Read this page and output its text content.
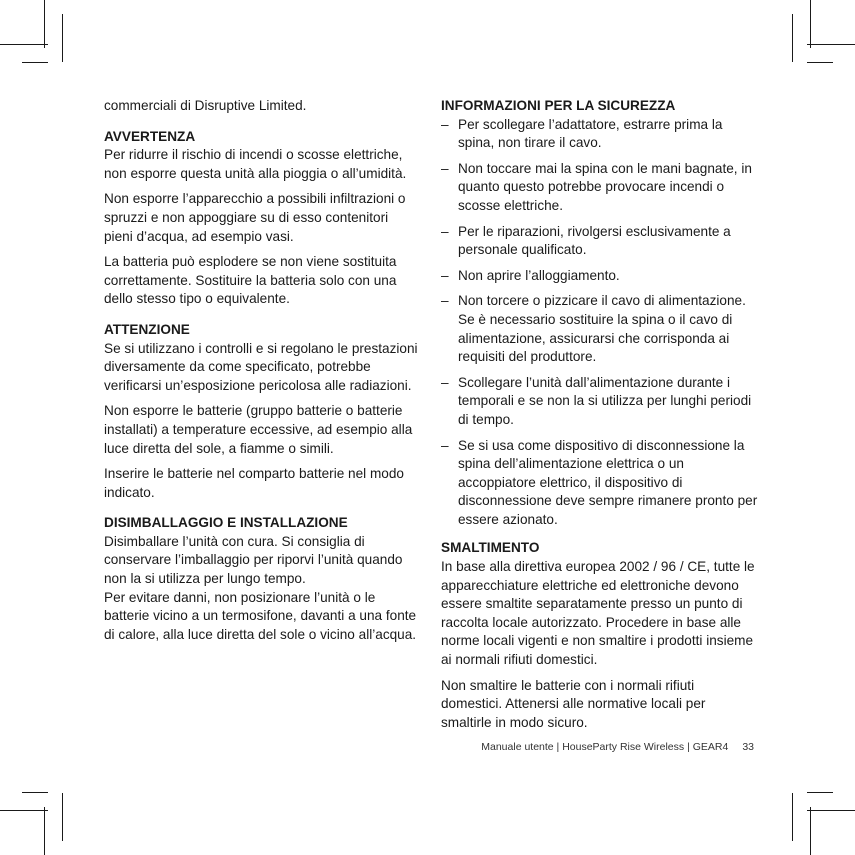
commerciali di Disruptive Limited.

AVVERTENZA

Per ridurre il rischio di incendi o scosse elettriche, non esporre questa unità alla pioggia o all’umidità.

Non esporre l’apparecchio a possibili infiltrazioni o spruzzi e non appoggiare su di esso contenitori pieni d’acqua, ad esempio vasi.

La batteria può esplodere se non viene sostituita correttamente. Sostituire la batteria solo con una dello stesso tipo o equivalente.

ATTENZIONE

Se si utilizzano i controlli e si regolano le prestazioni diversamente da come specificato, potrebbe verificarsi un’esposizione pericolosa alle radiazioni.

Non esporre le batterie (gruppo batterie o batterie installati) a temperature eccessive, ad esempio alla luce diretta del sole, a fiamme o simili.

Inserire le batterie nel comparto batterie nel modo indicato.

DISIMBALLAGGIO E INSTALLAZIONE

Disimballare l’unità con cura. Si consiglia di conservare l’imballaggio per riporvi l’unità quando non la si utilizza per lungo tempo.

Per evitare danni, non posizionare l’unità o le batterie vicino a un termosifone, davanti a una fonte di calore, alla luce diretta del sole o vicino all’acqua.

INFORMAZIONI PER LA SICUREZZA
– Per scollegare l’adattatore, estrarre prima la spina, non tirare il cavo.
– Non toccare mai la spina con le mani bagnate, in quanto questo potrebbe provocare incendi o scosse elettriche.
– Per le riparazioni, rivolgersi esclusivamente a personale qualificato.
– Non aprire l’alloggiamento.
– Non torcere o pizzicare il cavo di alimentazione. Se è necessario sostituire la spina o il cavo di alimentazione, assicurarsi che corrisponda ai requisiti del produttore.
– Scollegare l’unità dall’alimentazione durante i temporali e se non la si utilizza per lunghi periodi di tempo.
– Se si usa come dispositivo di disconnessione la spina dell’alimentazione elettrica o un accoppiatore elettrico, il dispositivo di disconnessione deve sempre rimanere pronto per essere azionato.
SMALTIMENTO

In base alla direttiva europea 2002 / 96 / CE, tutte le apparecchiature elettriche ed elettroniche devono essere smaltite separatamente presso un punto di raccolta locale autorizzato. Procedere in base alle norme locali vigenti e non smaltire i prodotti insieme ai normali rifiuti domestici.

Non smaltire le batterie con i normali rifiuti domestici. Attenersi alle normative locali per smaltirle in modo sicuro.

Manuale utente | HouseParty Rise Wireless | GEAR4 33
